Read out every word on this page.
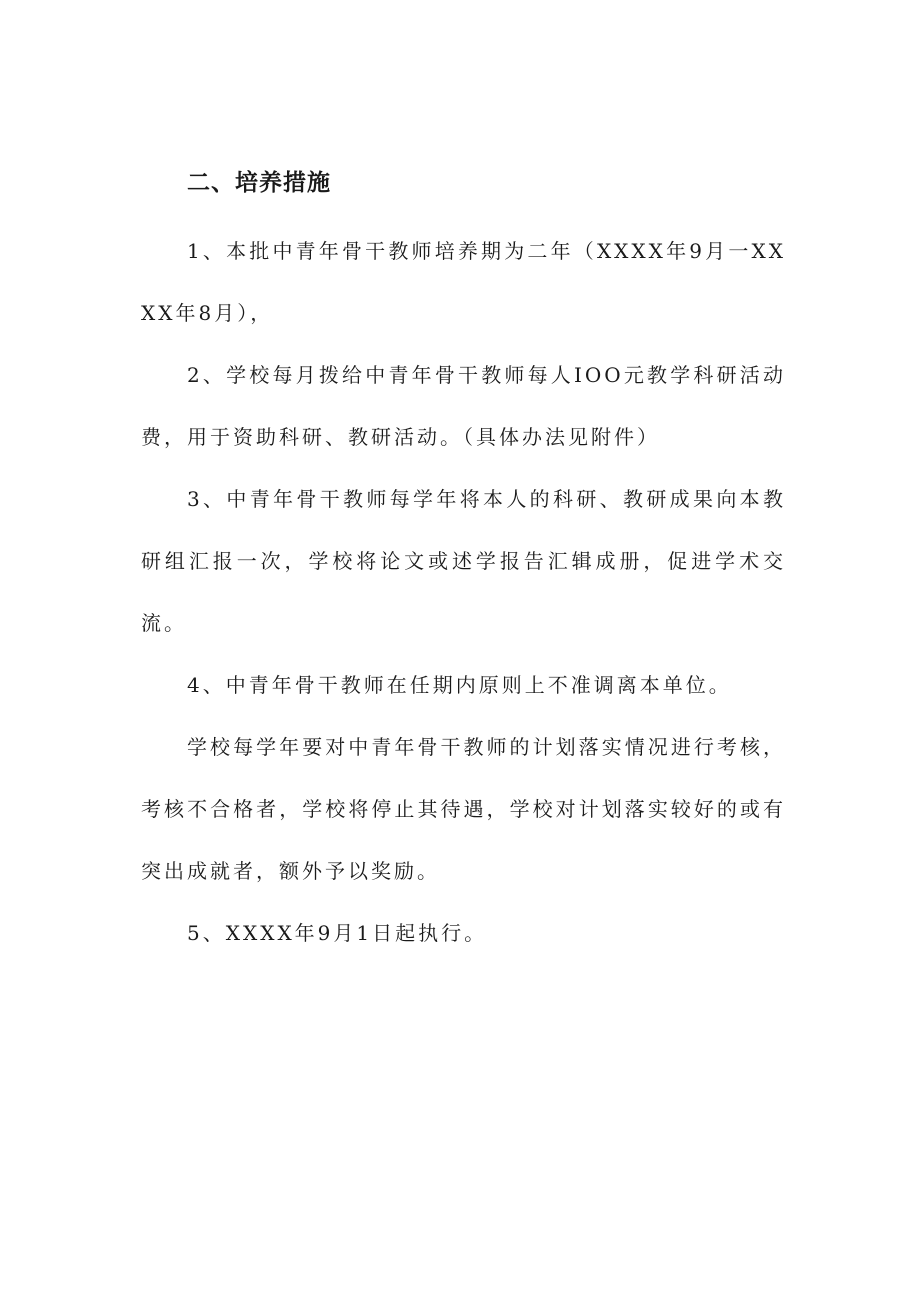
二、培养措施

1、本批中青年骨干教师培养期为二年（XXXX年9月一XXXX年8月），

2、学校每月拨给中青年骨干教师每人IOO元教学科研活动费，用于资助科研、教研活动。（具体办法见附件）

3、中青年骨干教师每学年将本人的科研、教研成果向本教研组汇报一次，学校将论文或述学报告汇辑成册，促进学术交流。

4、中青年骨干教师在任期内原则上不准调离本单位。

学校每学年要对中青年骨干教师的计划落实情况进行考核，考核不合格者，学校将停止其待遇，学校对计划落实较好的或有突出成就者，额外予以奖励。

5、XXXX年9月1日起执行。
